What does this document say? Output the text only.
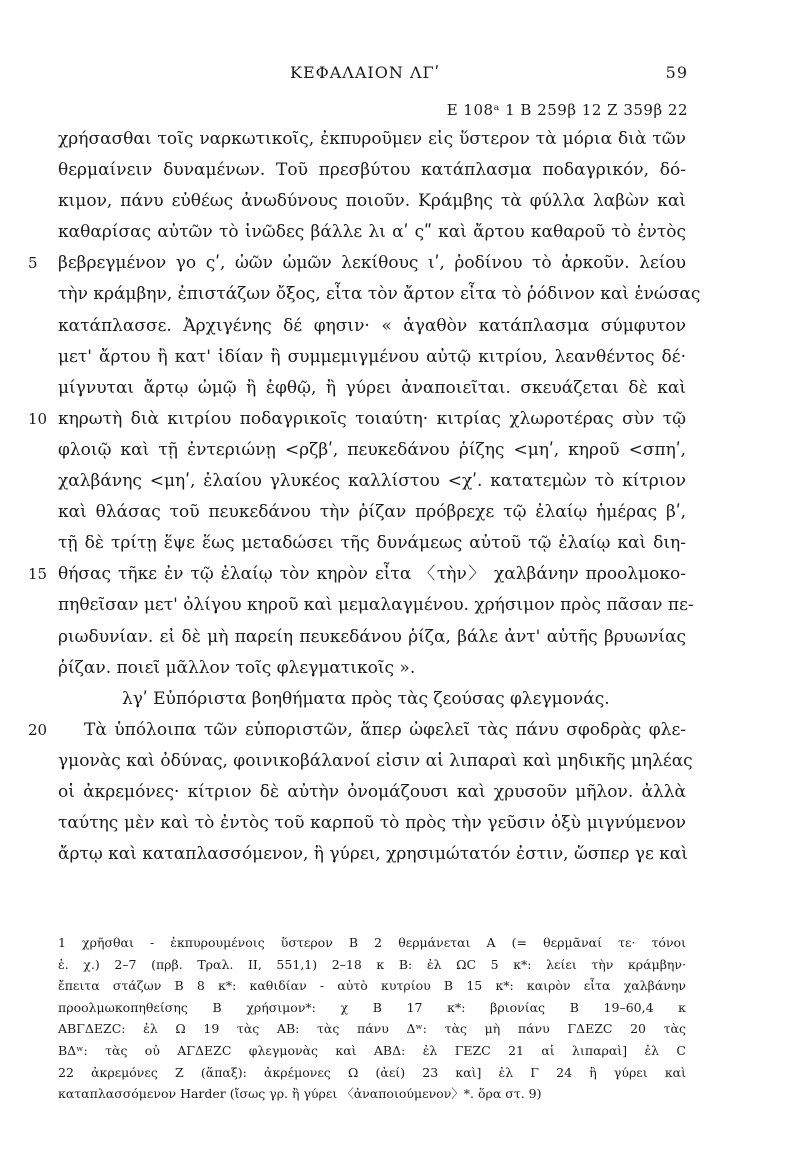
ΚΕΦΑΛΑΙΟΝ ΛΓʹ	59
Ε 108ᵃ 1 Β 259β 12 Ζ 359β 22
χρήσασθαι τοῖς ναρκωτικοῖς, ἐκπυροῦμεν εἰς ὕστερον τὰ μόρια διὰ τῶν
θερμαίνειν δυναμένων. Τοῦ πρεσβύτου κατάπλασμα ποδαγρικόν, δό-
κιμον, πάνυ εὐθέως ἀνωδύνους ποιοῦν. Κράμβης τὰ φύλλα λαβὼν καὶ
καθαρίσας αὐτῶν τὸ ἰνῶδες βάλλε λι αʹ ςʺ καὶ ἄρτου καθαροῦ τὸ ἐντὸς
5	βεβρεγμένον γο ςʹ, ὠῶν ὠμῶν λεκίθους ιʹ, ῥοδίνου τὸ ἀρκοῦν. λείου
τὴν κράμβην, ἐπιστάζων ὄξος, εἶτα τὸν ἄρτον εἶτα τὸ ῥόδινον καὶ ἑνώσας
κατάπλασσε. Ἀρχιγένης δέ φησιν· « ἀγαθὸν κατάπλασμα σύμφυτον
μετ' ἄρτου ἢ κατ' ἰδίαν ἢ συμμεμιγμένου αὐτῷ κιτρίου, λεανθέντος δέ·
μίγνυται ἄρτῳ ὠμῷ ἢ ἑφθῷ, ἢ γύρει ἀναποιεῖται. σκευάζεται δὲ καὶ
10 κηρωτὴ διὰ κιτρίου ποδαγρικοῖς τοιαύτη· κιτρίας χλωροτέρας σὺν τῷ
φλοιῷ καὶ τῇ ἐντεριώνῃ <ρζβʹ, πευκεδάνου ῥίζης <μηʹ, κηροῦ <σπηʹ,
χαλβάνης <μηʹ, ἐλαίου γλυκέος καλλίστου <χʹ. κατατεμὼν τὸ κίτριον
καὶ θλάσας τοῦ πευκεδάνου τὴν ῥίζαν πρόβρεχε τῷ ἐλαίῳ ἡμέρας βʹ,
τῇ δὲ τρίτῃ ἕψε ἕως μεταδώσει τῆς δυνάμεως αὐτοῦ τῷ ἐλαίῳ καὶ διη-
15 θήσας τῆκε ἐν τῷ ἐλαίῳ τὸν κηρὸν εἶτα 〈τὴν〉 χαλβάνην προολμοκο-
πηθεῖσαν μετ' ὀλίγου κηροῦ καὶ μεμαλαγμένου. χρήσιμον πρὸς πᾶσαν πε-
ριωδυνίαν. εἰ δὲ μὴ παρείη πευκεδάνου ῥίζα, βάλε ἀντ' αὐτῆς βρυωνίας
ῥίζαν. ποιεῖ μᾶλλον τοῖς φλεγματικοῖς ».
λγʹ Εὐπόριστα βοηθήματα πρὸς τὰς ζεούσας φλεγμονάς.
20 Τὰ ὑπόλοιπα τῶν εὐποριστῶν, ἅπερ ὠφελεῖ τὰς πάνυ σφοδρὰς φλε-
γμονὰς καὶ ὀδύνας, φοινικοβάλανοί εἰσιν αἱ λιπαραὶ καὶ μηδικῆς μηλέας
οἱ ἀκρεμόνες· κίτριον δὲ αὐτὴν ὀνομάζουσι καὶ χρυσοῦν μῆλον. ἀλλὰ
ταύτης μὲν καὶ τὸ ἐντὸς τοῦ καρποῦ τὸ πρὸς τὴν γεῦσιν ὀξὺ μιγνύμενον
ἄρτῳ καὶ καταπλασσόμενον, ἢ γύρει, χρησιμώτατόν ἐστιν, ὥσπερ γε καὶ
1 χρῆσθαι - ἐκπυρουμένοις ὕστερον Β 2 θερμάνεται Α (= θερμᾶναί τε· τόνοι
ἑ. χ.) 2–7 (πρβ. Τραλ. II, 551,1) 2–18 κ Β: ἐλ ΩC 5 κ*: λείει τὴν κράμβην·
ἔπειτα στάζων Β 8 κ*: καθιδίαν - αὐτὸ κυτρίου Β 15 κ*: καιρὸν εἶτα χαλβάνην
προολμωκοπηθείσης Β χρήσιμον*: χ Β 17 κ*: βριονίας Β 19–60,4 κ
ΑΒΓΔΕΖC: ἐλ Ω 19 τὰς ΑΒ: τὰς πάνυ Δʷ: τὰς μὴ πάνυ ΓΔΕΖC 20 τὰς
ΒΔʷ: τὰς οὐ ΑΓΔΕΖC φλεγμονὰς καὶ ΑΒΔ: ἐλ ΓΕΖC 21 αἱ λιπαραὶ] ἐλ C
22 ἀκρεμόνες Ζ (ἅπαξ): ἀκρέμονες Ω (ἀεί) 23 καὶ] ἐλ Γ 24 ἢ γύρει καὶ
καταπλασσόμενον Harder (ἴσως γρ. ἢ γύρει 〈ἀναποιούμενον〉*. ὅρα στ. 9)
